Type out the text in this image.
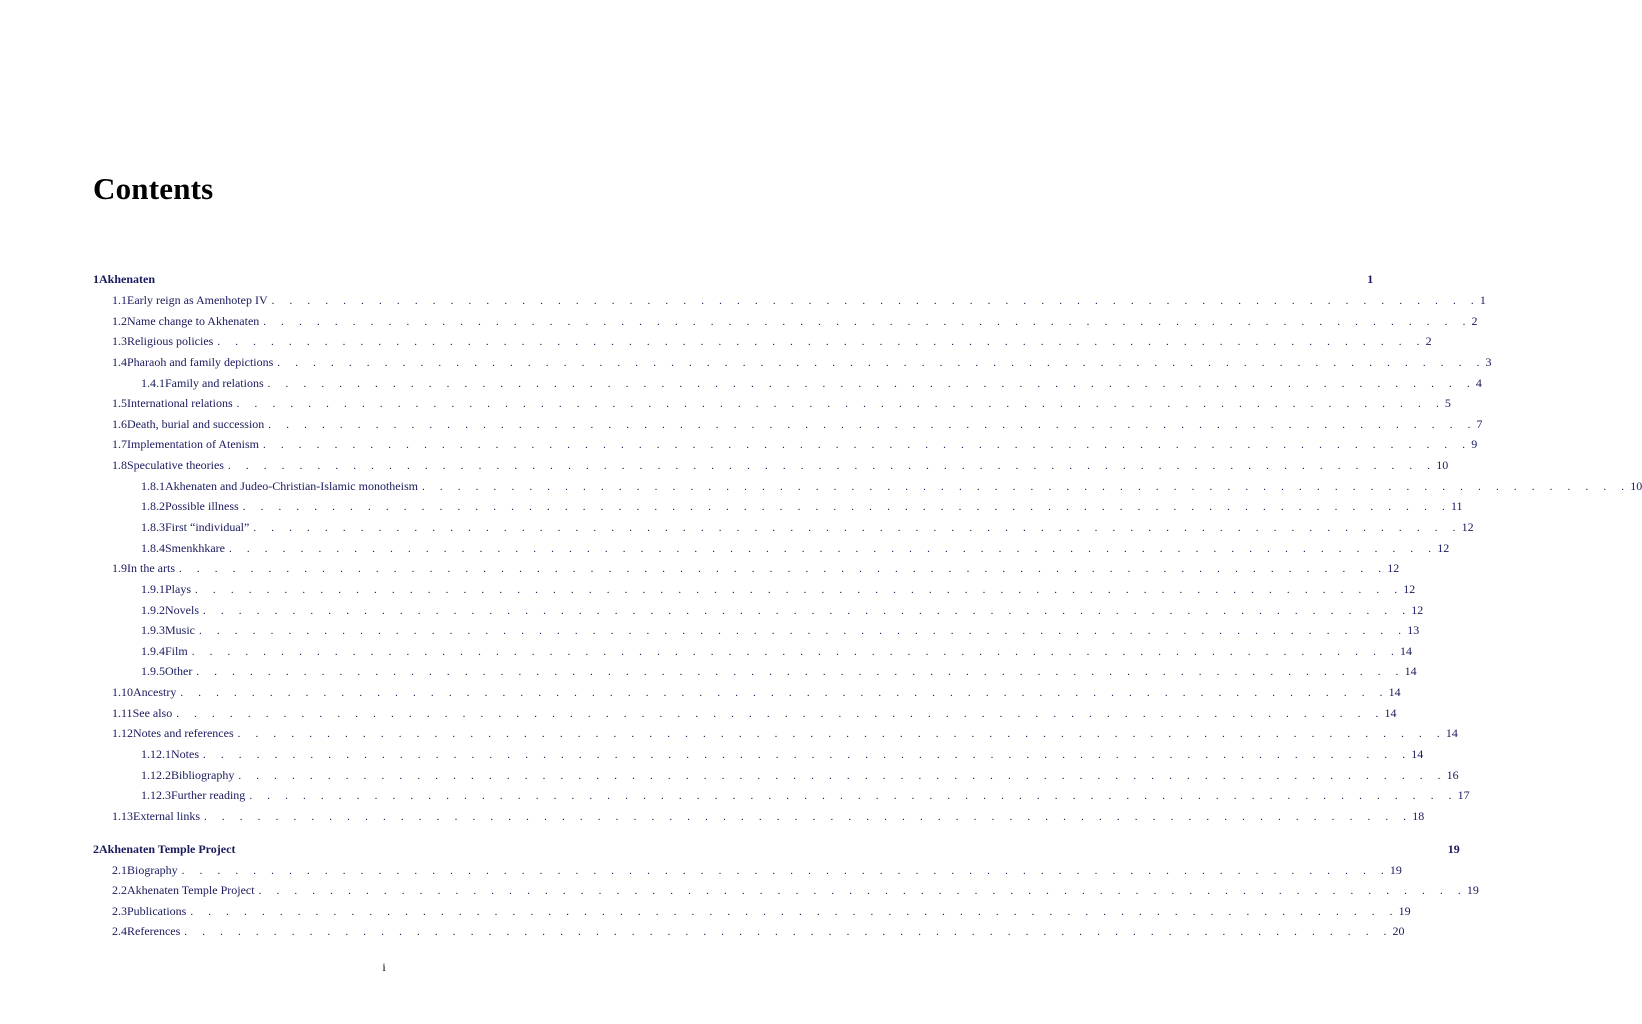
Contents
1 Akhenaten	1
1.1 Early reign as Amenhotep IV . . . . . . . . . . . . . . . . . . . . . . . . . . . . . . . . . . . . . . . . . . . . . . . . . . . . . . . . . . . . . . . . . . . . 1
1.2 Name change to Akhenaten . . . . . . . . . . . . . . . . . . . . . . . . . . . . . . . . . . . . . . . . . . . . . . . . . . . . . . . . . . . . . . . . . . . . 2
1.3 Religious policies . . . . . . . . . . . . . . . . . . . . . . . . . . . . . . . . . . . . . . . . . . . . . . . . . . . . . . . . . . . . . . . . . . . . 2
1.4 Pharaoh and family depictions . . . . . . . . . . . . . . . . . . . . . . . . . . . . . . . . . . . . . . . . . . . . . . . . . . . . . . . . . . . . . . . . . . . . 3
1.4.1 Family and relations . . . . . . . . . . . . . . . . . . . . . . . . . . . . . . . . . . . . . . . . . . . . . . . . . . . . . . . . . . . . . . . . . . . . 4
1.5 International relations . . . . . . . . . . . . . . . . . . . . . . . . . . . . . . . . . . . . . . . . . . . . . . . . . . . . . . . . . . . . . . . . . . . . 5
1.6 Death, burial and succession . . . . . . . . . . . . . . . . . . . . . . . . . . . . . . . . . . . . . . . . . . . . . . . . . . . . . . . . . . . . . . . . . . . . 7
1.7 Implementation of Atenism . . . . . . . . . . . . . . . . . . . . . . . . . . . . . . . . . . . . . . . . . . . . . . . . . . . . . . . . . . . . . . . . . . . . 9
1.8 Speculative theories . . . . . . . . . . . . . . . . . . . . . . . . . . . . . . . . . . . . . . . . . . . . . . . . . . . . . . . . . . . . . . . . . . . . 10
1.8.1 Akhenaten and Judeo-Christian-Islamic monotheism . . . . . . . . . . . . . . . . . . . . . . . . . . . . . . . . . . . . . . . . . . . . . . . . . . . . . . . . . . . . . . . . . . . . 10
1.8.2 Possible illness . . . . . . . . . . . . . . . . . . . . . . . . . . . . . . . . . . . . . . . . . . . . . . . . . . . . . . . . . . . . . . . . . . . . 11
1.8.3 First “individual” . . . . . . . . . . . . . . . . . . . . . . . . . . . . . . . . . . . . . . . . . . . . . . . . . . . . . . . . . . . . . . . . . . . . 12
1.8.4 Smenkhkare . . . . . . . . . . . . . . . . . . . . . . . . . . . . . . . . . . . . . . . . . . . . . . . . . . . . . . . . . . . . . . . . . . . . 12
1.9 In the arts . . . . . . . . . . . . . . . . . . . . . . . . . . . . . . . . . . . . . . . . . . . . . . . . . . . . . . . . . . . . . . . . . . . . 12
1.9.1 Plays . . . . . . . . . . . . . . . . . . . . . . . . . . . . . . . . . . . . . . . . . . . . . . . . . . . . . . . . . . . . . . . . . . . . 12
1.9.2 Novels . . . . . . . . . . . . . . . . . . . . . . . . . . . . . . . . . . . . . . . . . . . . . . . . . . . . . . . . . . . . . . . . . . . . 12
1.9.3 Music . . . . . . . . . . . . . . . . . . . . . . . . . . . . . . . . . . . . . . . . . . . . . . . . . . . . . . . . . . . . . . . . . . . . 13
1.9.4 Film . . . . . . . . . . . . . . . . . . . . . . . . . . . . . . . . . . . . . . . . . . . . . . . . . . . . . . . . . . . . . . . . . . . . 14
1.9.5 Other . . . . . . . . . . . . . . . . . . . . . . . . . . . . . . . . . . . . . . . . . . . . . . . . . . . . . . . . . . . . . . . . . . . . 14
1.10 Ancestry . . . . . . . . . . . . . . . . . . . . . . . . . . . . . . . . . . . . . . . . . . . . . . . . . . . . . . . . . . . . . . . . . . . . 14
1.11 See also . . . . . . . . . . . . . . . . . . . . . . . . . . . . . . . . . . . . . . . . . . . . . . . . . . . . . . . . . . . . . . . . . . . . 14
1.12 Notes and references . . . . . . . . . . . . . . . . . . . . . . . . . . . . . . . . . . . . . . . . . . . . . . . . . . . . . . . . . . . . . . . . . . . . 14
1.12.1 Notes . . . . . . . . . . . . . . . . . . . . . . . . . . . . . . . . . . . . . . . . . . . . . . . . . . . . . . . . . . . . . . . . . . . . 14
1.12.2 Bibliography . . . . . . . . . . . . . . . . . . . . . . . . . . . . . . . . . . . . . . . . . . . . . . . . . . . . . . . . . . . . . . . . . . . . 16
1.12.3 Further reading . . . . . . . . . . . . . . . . . . . . . . . . . . . . . . . . . . . . . . . . . . . . . . . . . . . . . . . . . . . . . . . . . . . . 17
1.13 External links . . . . . . . . . . . . . . . . . . . . . . . . . . . . . . . . . . . . . . . . . . . . . . . . . . . . . . . . . . . . . . . . . . . . 18
2 Akhenaten Temple Project	19
2.1 Biography . . . . . . . . . . . . . . . . . . . . . . . . . . . . . . . . . . . . . . . . . . . . . . . . . . . . . . . . . . . . . . . . . . . . 19
2.2 Akhenaten Temple Project . . . . . . . . . . . . . . . . . . . . . . . . . . . . . . . . . . . . . . . . . . . . . . . . . . . . . . . . . . . . . . . . . . . . 19
2.3 Publications . . . . . . . . . . . . . . . . . . . . . . . . . . . . . . . . . . . . . . . . . . . . . . . . . . . . . . . . . . . . . . . . . . . . 19
2.4 References . . . . . . . . . . . . . . . . . . . . . . . . . . . . . . . . . . . . . . . . . . . . . . . . . . . . . . . . . . . . . . . . . . . . 20
i
